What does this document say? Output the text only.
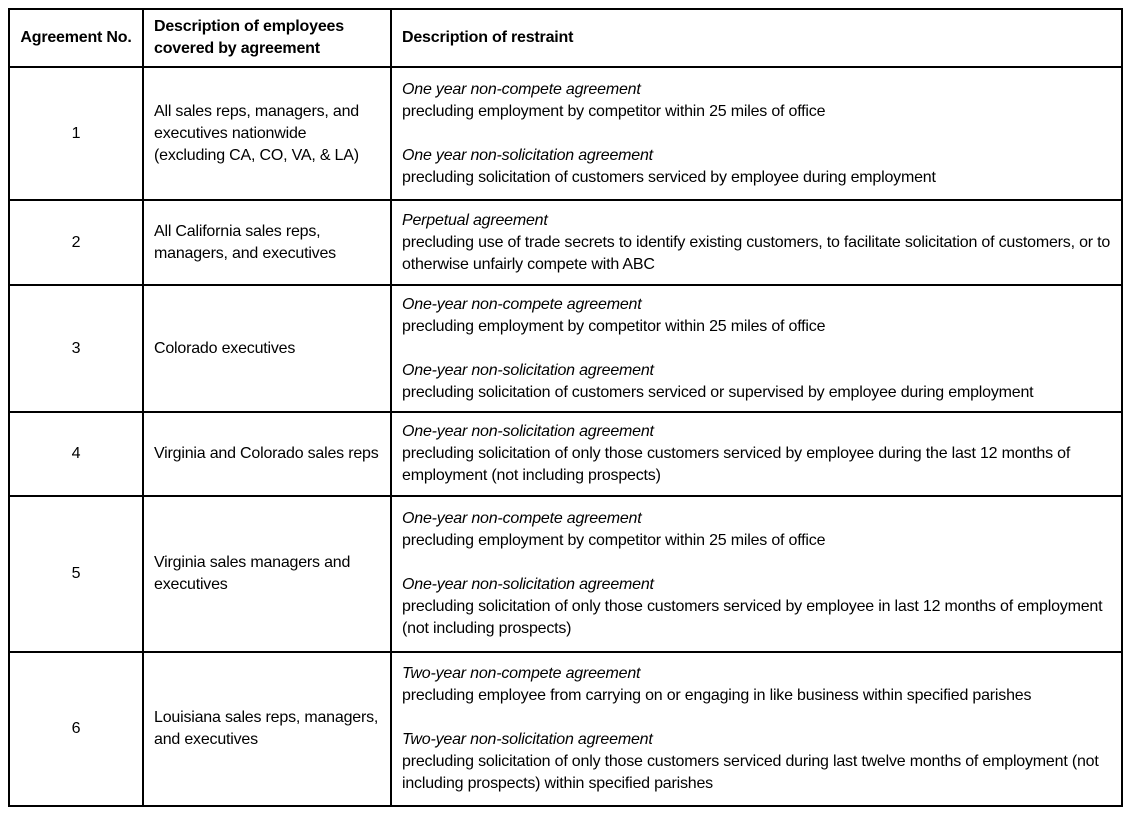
Agreement No.	Description of employees covered by agreement	Description of restraint
1	All sales reps, managers, and executives nationwide (excluding CA, CO, VA, & LA)	One year non-compete agreement
precluding employment by competitor within 25 miles of office
One year non-solicitation agreement
precluding solicitation of customers serviced by employee during employment

2	All California sales reps, managers, and executives	Perpetual agreement
precluding use of trade secrets to identify existing customers, to facilitate solicitation of customers, or to otherwise unfairly compete with ABC

3	Colorado executives	One-year non-compete agreement
precluding employment by competitor within 25 miles of office
One-year non-solicitation agreement
precluding solicitation of customers serviced or supervised by employee during employment

4	Virginia and Colorado sales reps	One-year non-solicitation agreement
precluding solicitation of only those customers serviced by employee during the last 12 months of employment (not including prospects)

5	Virginia sales managers and executives	One-year non-compete agreement
precluding employment by competitor within 25 miles of office
One-year non-solicitation agreement
precluding solicitation of only those customers serviced by employee in last 12 months of employment (not including prospects)

6	Louisiana sales reps, managers, and executives	Two-year non-compete agreement
precluding employee from carrying on or engaging in like business within specified parishes
Two-year non-solicitation agreement
precluding solicitation of only those customers serviced during last twelve months of employment (not including prospects) within specified parishes
